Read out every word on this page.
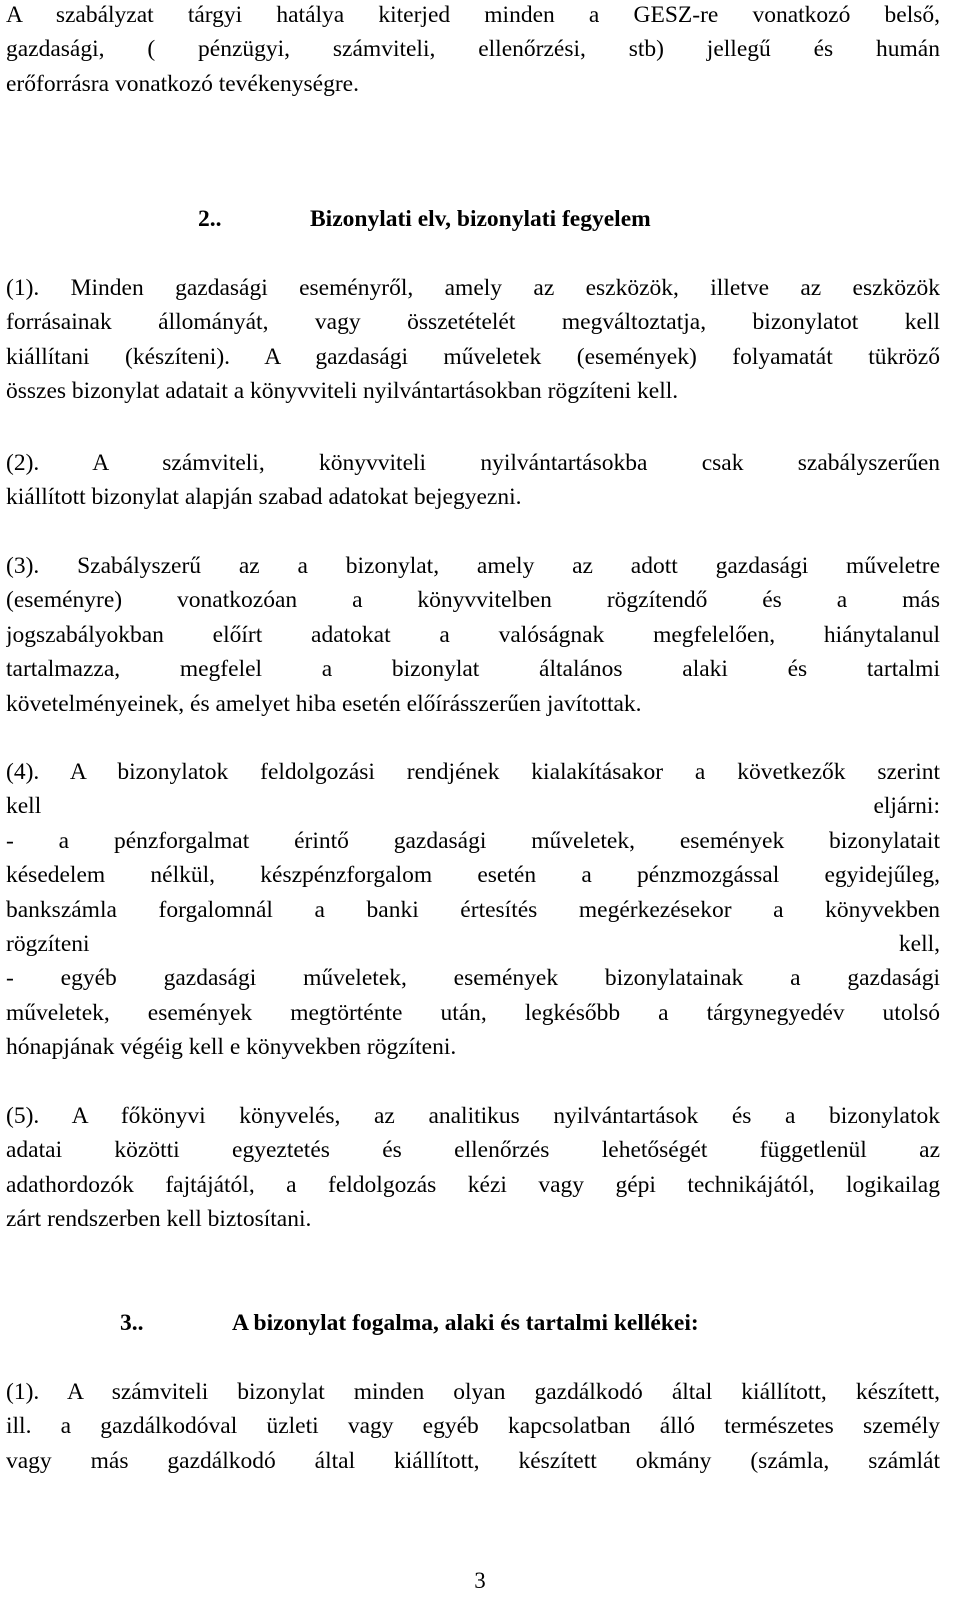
A szabályzat tárgyi hatálya kiterjed minden a GESZ-re vonatkozó belső,
gazdasági, ( pénzügyi, számviteli, ellenőrzési, stb) jellegű és humán
erőforrásra vonatkozó tevékenységre.
2..	Bizonylati elv, bizonylati fegyelem
(1). Minden gazdasági eseményről, amely az eszközök, illetve az eszközök
forrásainak állományát, vagy összetételét megváltoztatja, bizonylatot kell
kiállítani (készíteni). A gazdasági műveletek (események) folyamatát tükröző
összes bizonylat adatait a könyvviteli nyilvántartásokban rögzíteni kell.
(2). A számviteli, könyvviteli nyilvántartásokba csak szabályszerűen
kiállított bizonylat alapján szabad adatokat bejegyezni.
(3). Szabályszerű az a bizonylat, amely az adott gazdasági műveletre
(eseményre) vonatkozóan a könyvvitelben rögzítendő és a más
jogszabályokban előírt adatokat a valóságnak megfelelően, hiánytalanul
tartalmazza, megfelel a bizonylat általános alaki és tartalmi
követelményeinek, és amelyet hiba esetén előírásszerűen javítottak.
(4). A bizonylatok feldolgozási rendjének kialakításakor a következők szerint
kell eljárni:
- a pénzforgalmat érintő gazdasági műveletek, események bizonylatait
késedelem nélkül, készpénzforgalom esetén a pénzmozgással egyidejűleg,
bankszámla forgalomnál a banki értesítés megérkezésekor a könyvekben
rögzíteni kell,
- egyéb gazdasági műveletek, események bizonylatainak a gazdasági
műveletek, események megtörténte után, legkésőbb a tárgynegyedév utolsó
hónapjának végéig kell e könyvekben rögzíteni.
(5). A főkönyvi könyvelés, az analitikus nyilvántartások és a bizonylatok
adatai közötti egyeztetés és ellenőrzés lehetőségét függetlenül az
adathordozók fajtájától, a feldolgozás kézi vagy gépi technikájától, logikailag
zárt rendszerben kell biztosítani.
3..	A bizonylat fogalma, alaki és tartalmi kellékei:
(1). A számviteli bizonylat minden olyan gazdálkodó által kiállított, készített,
ill. a gazdálkodóval üzleti vagy egyéb kapcsolatban álló természetes személy
vagy más gazdálkodó által kiállított, készített okmány (számla, számlát
3
